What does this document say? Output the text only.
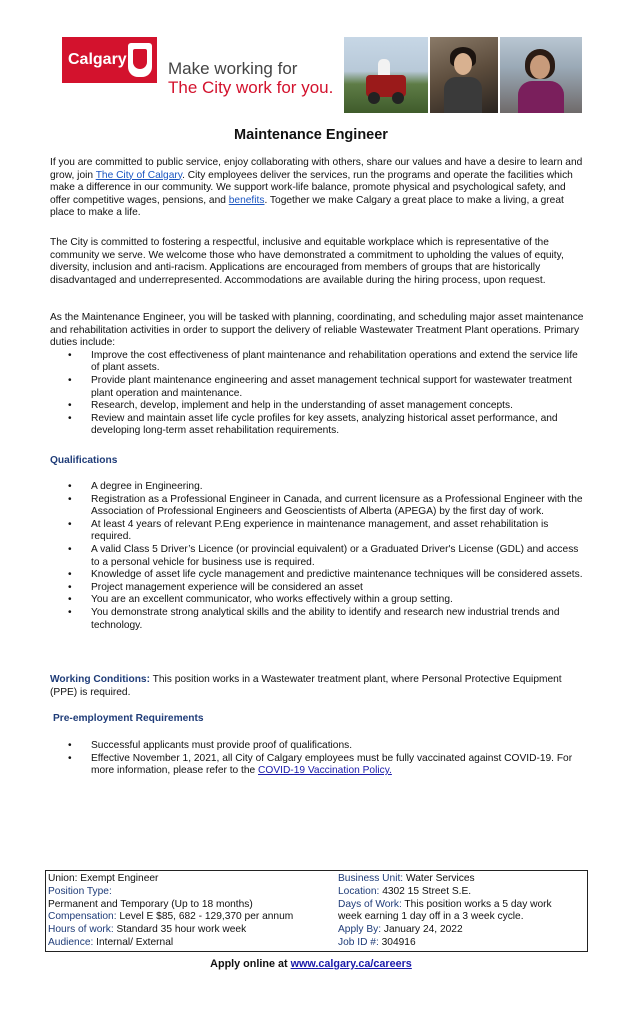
Calgary Make working for
The City work for you.
Maintenance Engineer

If you are committed to public service, enjoy collaborating with others, share our values and have a desire to learn and grow, join The City of Calgary. City employees deliver the services, run the programs and operate the facilities which make a difference in our community. We support work-life balance, promote physical and psychological safety, and offer competitive wages, pensions, and benefits. Together we make Calgary a great place to make a living, a great place to make a life.

The City is committed to fostering a respectful, inclusive and equitable workplace which is representative of the community we serve. We welcome those who have demonstrated a commitment to upholding the values of equity, diversity, inclusion and anti-racism. Applications are encouraged from members of groups that are historically disadvantaged and underrepresented. Accommodations are available during the hiring process, upon request.

As the Maintenance Engineer, you will be tasked with planning, coordinating, and scheduling major asset maintenance and rehabilitation activities in order to support the delivery of reliable Wastewater Treatment Plant operations. Primary duties include:

• Improve the cost effectiveness of plant maintenance and rehabilitation operations and extend the service life of plant assets.
• Provide plant maintenance engineering and asset management technical support for wastewater treatment plant operation and maintenance.
• Research, develop, implement and help in the understanding of asset management concepts.
• Review and maintain asset life cycle profiles for key assets, analyzing historical asset performance, and developing long-term asset rehabilitation requirements.
Qualifications
• A degree in Engineering.
• Registration as a Professional Engineer in Canada, and current licensure as a Professional Engineer with the Association of Professional Engineers and Geoscientists of Alberta (APEGA) by the first day of work.
• At least 4 years of relevant P.Eng experience in maintenance management, and asset rehabilitation is required.
• A valid Class 5 Driver’s Licence (or provincial equivalent) or a Graduated Driver's License (GDL) and access to a personal vehicle for business use is required.
• Knowledge of asset life cycle management and predictive maintenance techniques will be considered assets.
• Project management experience will be considered an asset
• You are an excellent communicator, who works effectively within a group setting.
• You demonstrate strong analytical skills and the ability to identify and research new industrial trends and technology.

Working Conditions: This position works in a Wastewater treatment plant, where Personal Protective Equipment (PPE) is required.

Pre-employment Requirements
• Successful applicants must provide proof of qualifications.
• Effective November 1, 2021, all City of Calgary employees must be fully vaccinated against COVID-19. For more information, please refer to the COVID-19 Vaccination Policy.
Union: Exempt Engineer
Position Type:
Permanent and Temporary (Up to 18 months)
Compensation: Level E $85, 682 - 129,370 per annum
Hours of work: Standard 35 hour work week
Audience: Internal/ External
Business Unit: Water Services
Location: 4302 15 Street S.E.
Days of Work: This position works a 5 day work
week earning 1 day off in a 3 week cycle.
Apply By: January 24, 2022
Job ID #: 304916
Apply online at www.calgary.ca/careers
